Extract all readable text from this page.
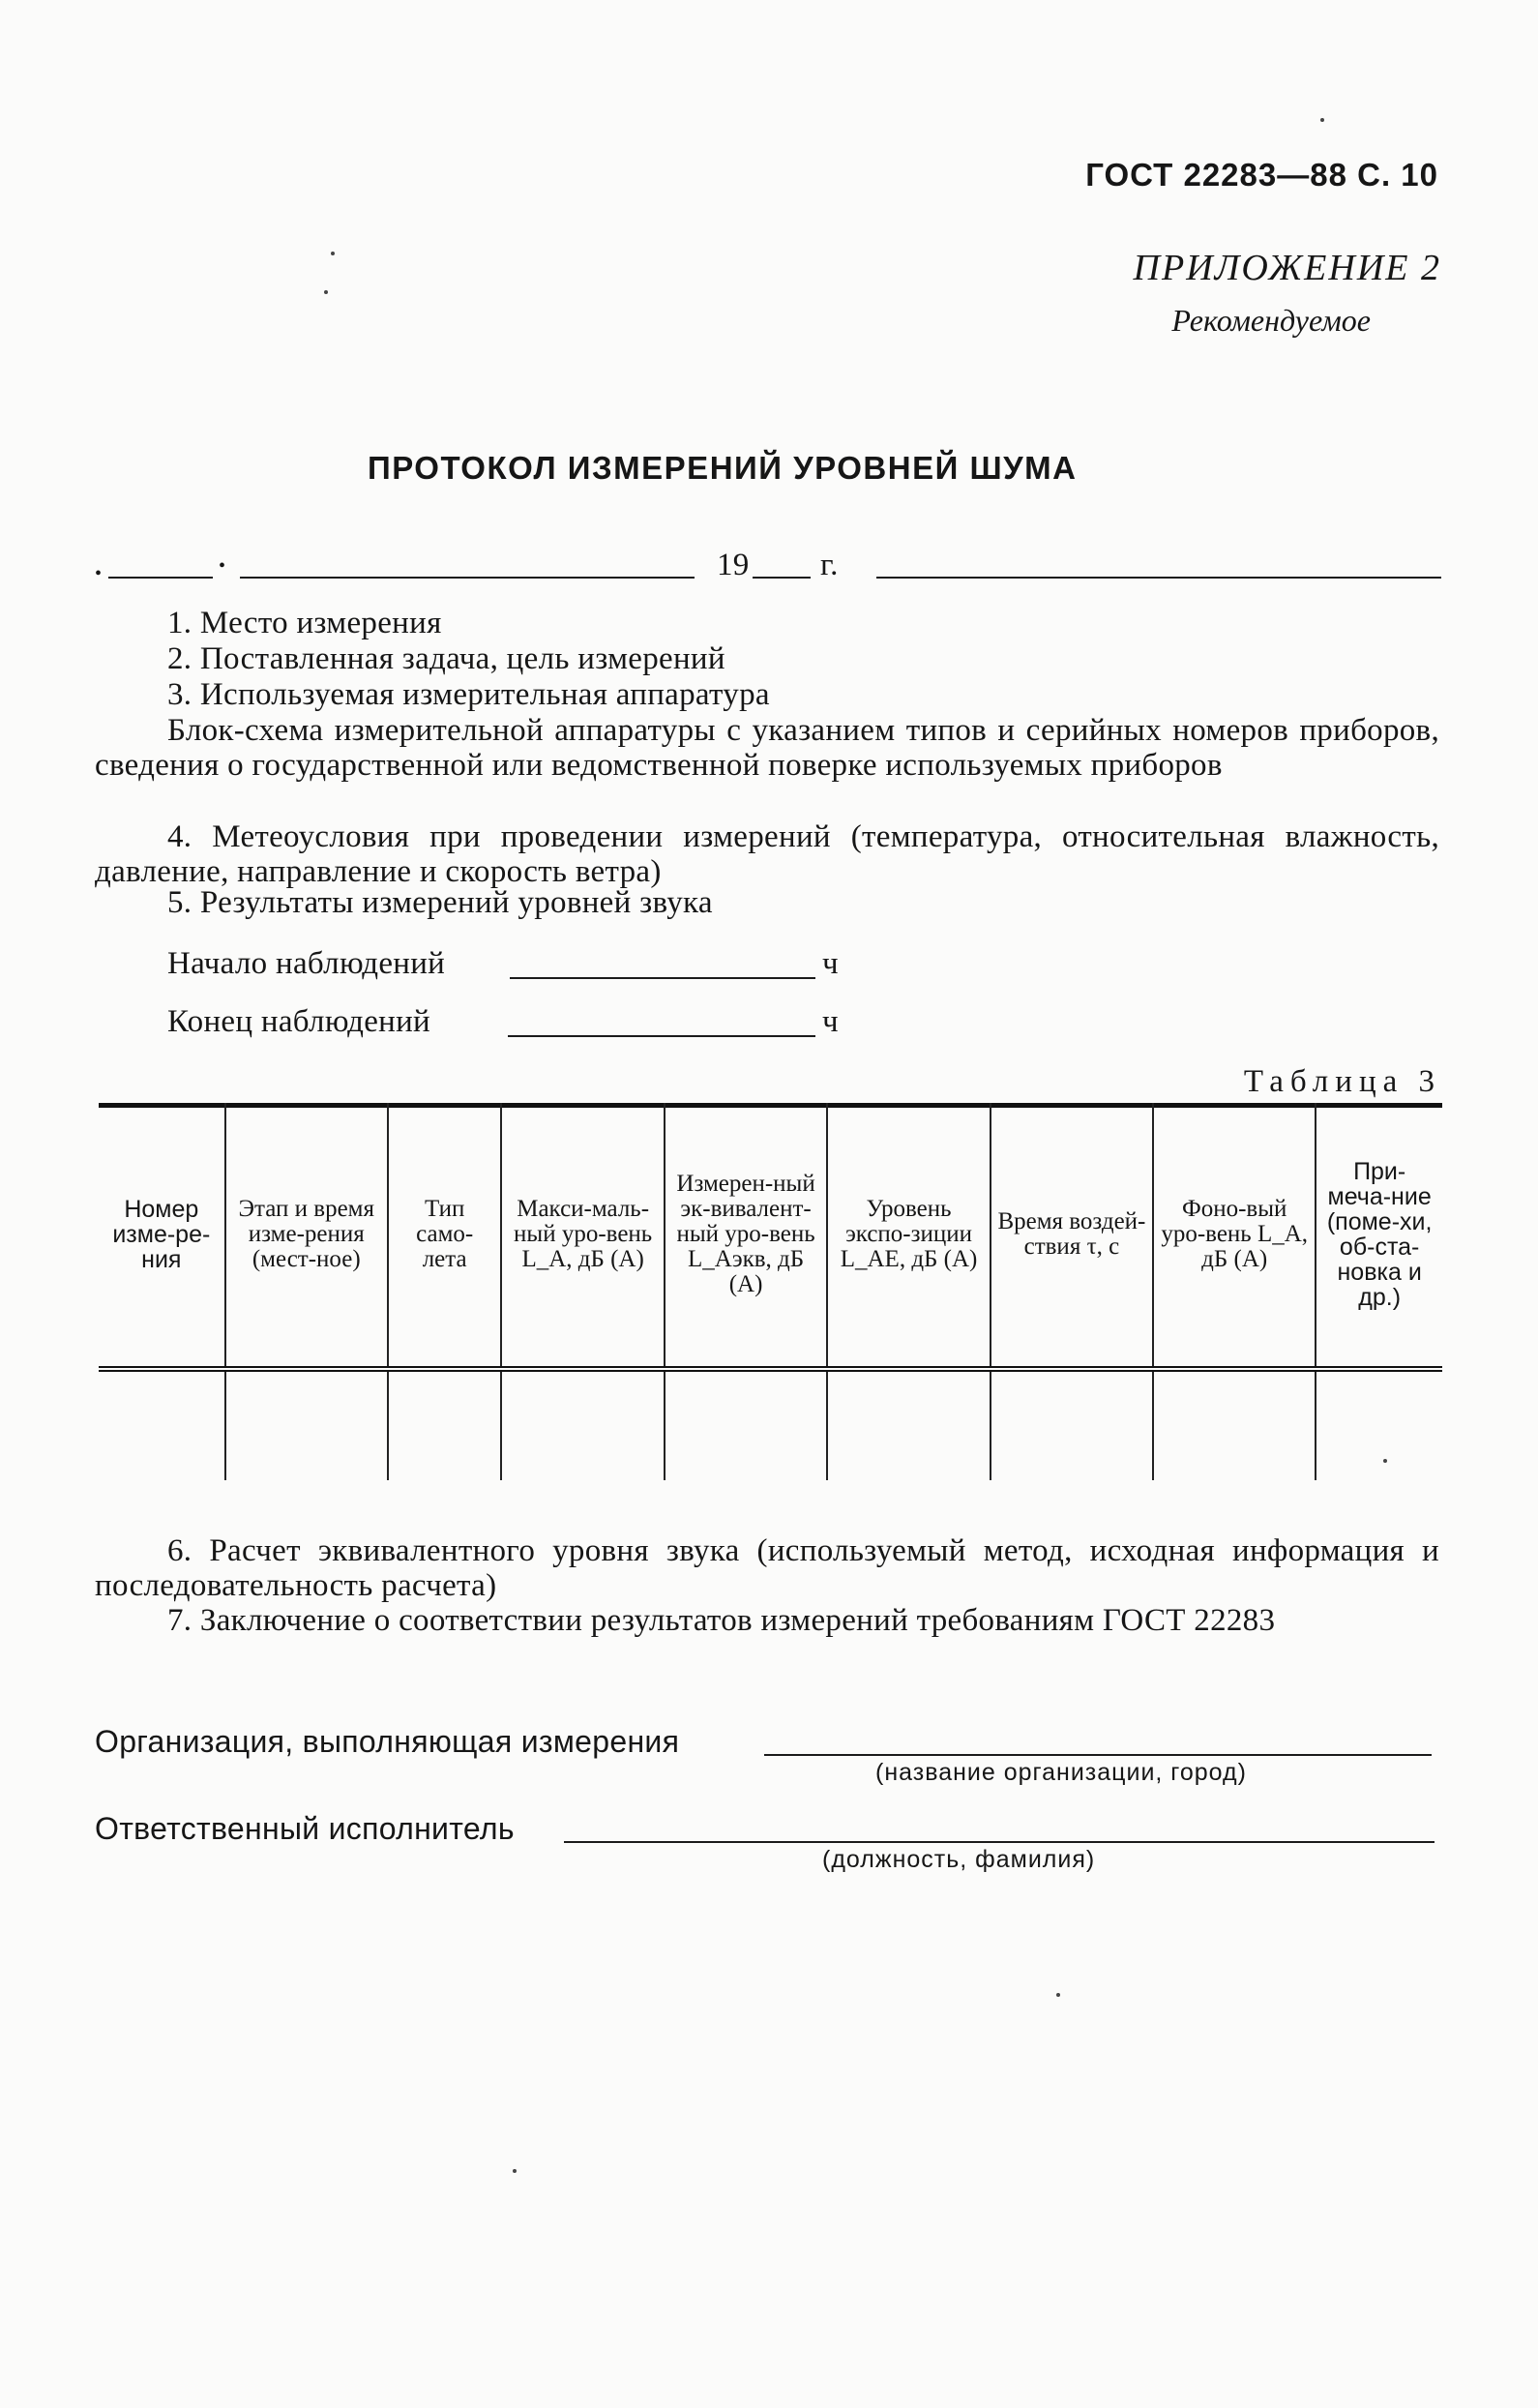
ГОСТ 22283—88 С. 10
ПРИЛОЖЕНИЕ 2
Рекомендуемое
ПРОТОКОЛ ИЗМЕРЕНИЙ УРОВНЕЙ ШУМА
•	•	19 г.
1. Место измерения
2. Поставленная задача, цель измерений
3. Используемая измерительная аппаратура
Блок-схема измерительной аппаратуры с указанием типов и серийных номеров приборов, сведения о государственной или ведомственной поверке используемых приборов
4. Метеоусловия при проведении измерений (температура, относительная влажность, давление, направление и скорость ветра)
5. Результаты измерений уровней звука
Начало наблюдений	ч
Конец наблюдений	ч
Таблица 3
Номер изме-ре-ния	Этап и время изме-рения (мест-ное)	Тип само-лета	Макси-маль-ный уро-вень L_A, дБ (A)	Измерен-ный эк-вивалент-ный уро-вень L_Aэкв, дБ (A)	Уровень экспо-зиции L_AE, дБ (A)	Время воздей-ствия τ, с	Фоно-вый уро-вень L_A, дБ (A)	При-меча-ние (поме-хи, об-ста-новка и др.)

6. Расчет эквивалентного уровня звука (используемый метод, исходная информация и последовательность расчета)
7. Заключение о соответствии результатов измерений требованиям ГОСТ 22283
Организация, выполняющая измерения
(название организации, город)
Ответственный исполнитель
(должность, фамилия)
